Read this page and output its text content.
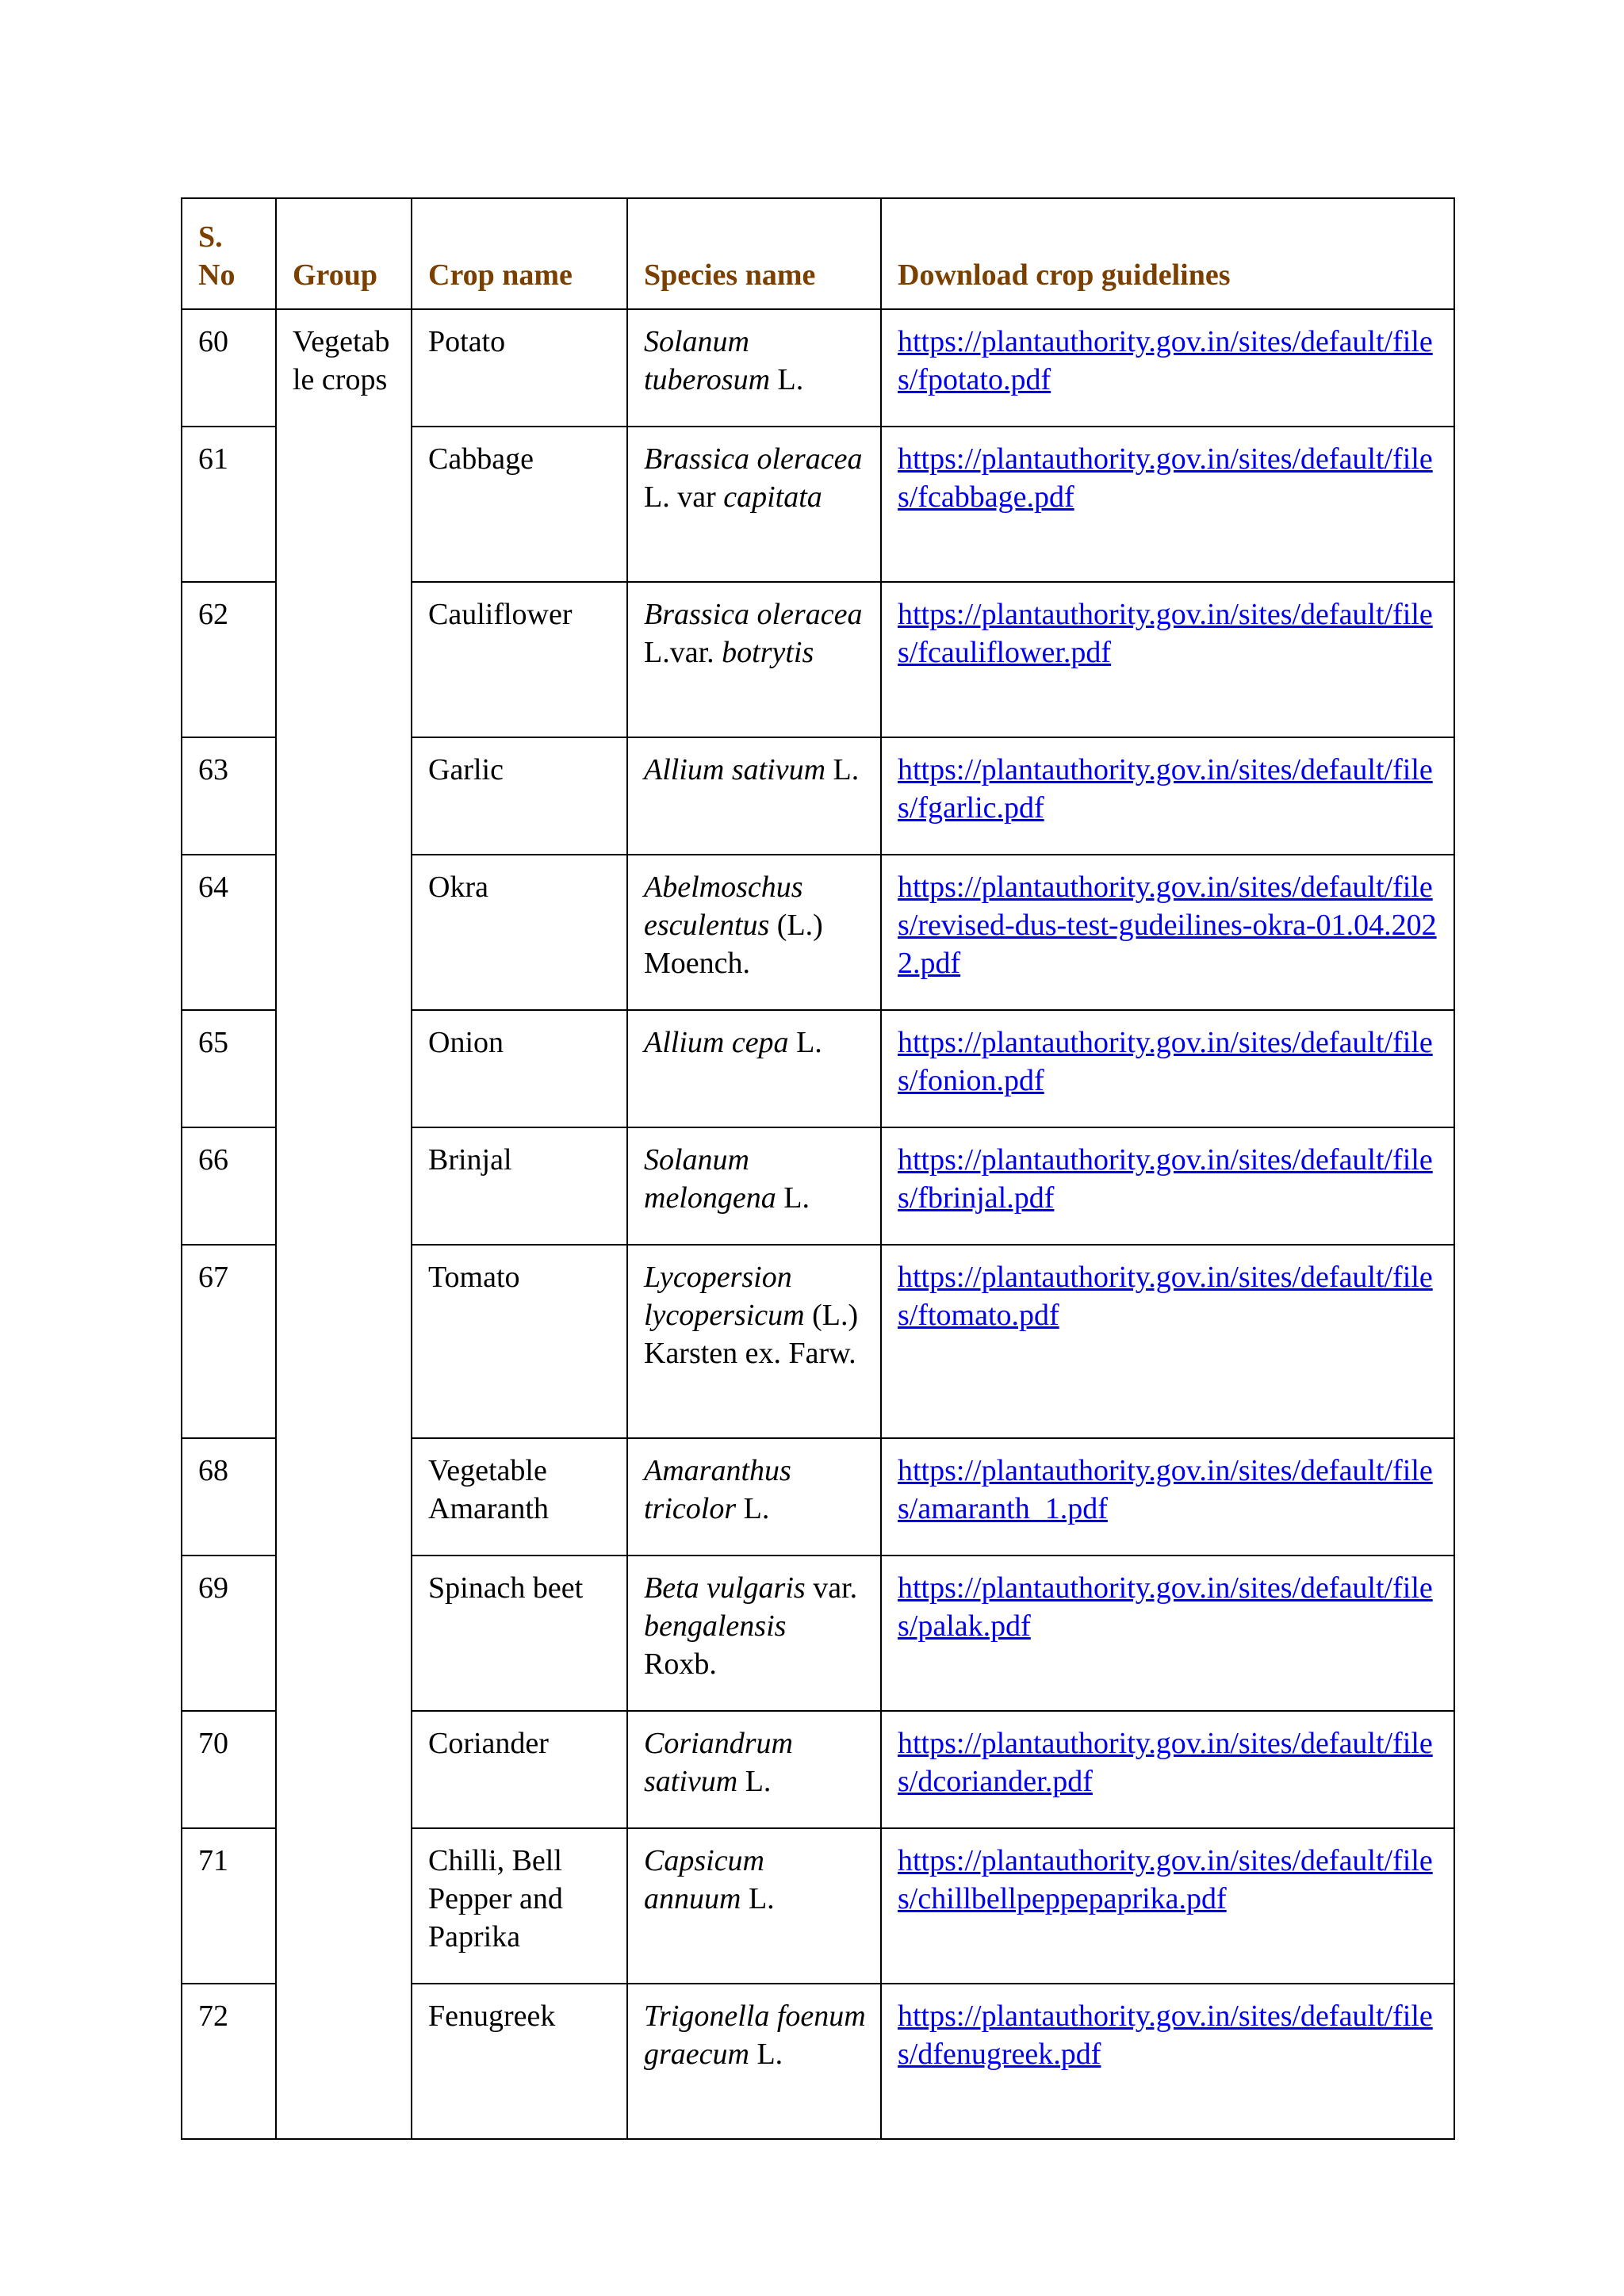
S. No	Group	Crop name	Species name	Download crop guidelines
60	Vegetable crops	Potato	Solanum tuberosum L.	https://plantauthority.gov.in/sites/default/files/fpotato.pdf
61		Cabbage	Brassica oleracea L. var capitata	https://plantauthority.gov.in/sites/default/files/fcabbage.pdf
62		Cauliflower	Brassica oleracea L.var. botrytis	https://plantauthority.gov.in/sites/default/files/fcauliflower.pdf
63		Garlic	Allium sativum L.	https://plantauthority.gov.in/sites/default/files/fgarlic.pdf
64		Okra	Abelmoschus esculentus (L.) Moench.	https://plantauthority.gov.in/sites/default/files/revised-dus-test-gudeilines-okra-01.04.2022.pdf
65		Onion	Allium cepa L.	https://plantauthority.gov.in/sites/default/files/fonion.pdf
66		Brinjal	Solanum melongena L.	https://plantauthority.gov.in/sites/default/files/fbrinjal.pdf
67		Tomato	Lycopersion lycopersicum (L.) Karsten ex. Farw.	https://plantauthority.gov.in/sites/default/files/ftomato.pdf
68		Vegetable Amaranth	Amaranthus tricolor L.	https://plantauthority.gov.in/sites/default/files/amaranth_1.pdf
69		Spinach beet	Beta vulgaris var. bengalensis Roxb.	https://plantauthority.gov.in/sites/default/files/palak.pdf
70		Coriander	Coriandrum sativum L.	https://plantauthority.gov.in/sites/default/files/dcoriander.pdf
71		Chilli, Bell Pepper and Paprika	Capsicum annuum L.	https://plantauthority.gov.in/sites/default/files/chillbellpeppepaprika.pdf
72		Fenugreek	Trigonella foenum graecum L.	https://plantauthority.gov.in/sites/default/files/dfenugreek.pdf
